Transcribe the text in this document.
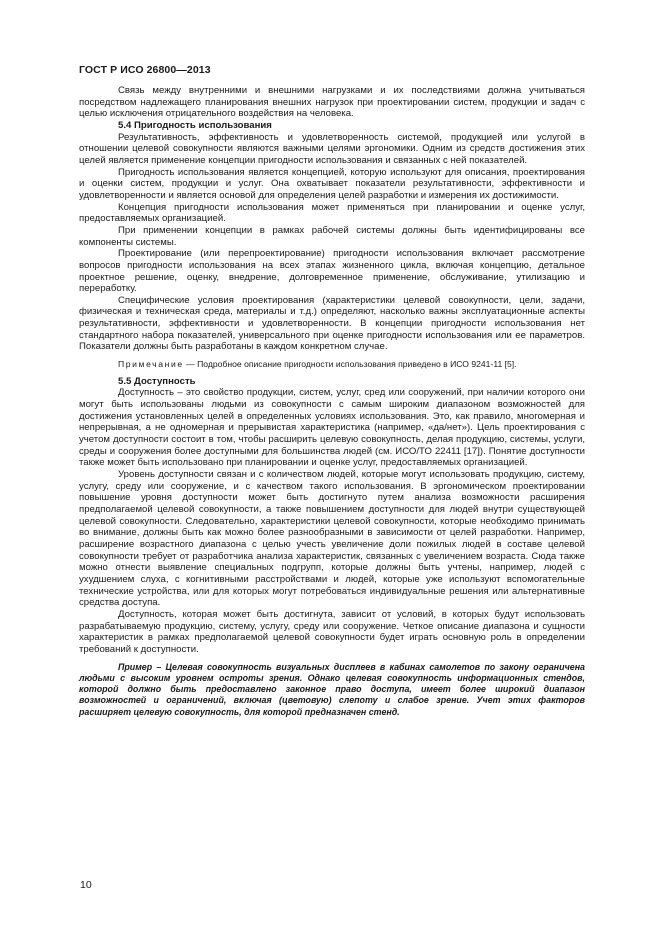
ГОСТ Р ИСО 26800—2013

Связь между внутренними и внешними нагрузками и их последствиями должна учитываться посредством надлежащего планирования внешних нагрузок при проектировании систем, продукции и задач с целью исключения отрицательного воздействия на человека.

5.4 Пригодность использования

Результативность, эффективность и удовлетворенность системой, продукцией или услугой в отношении целевой совокупности являются важными целями эргономики. Одним из средств достижения этих целей является применение концепции пригодности использования и связанных с ней показателей.

Пригодность использования является концепцией, которую используют для описания, проектирования и оценки систем, продукции и услуг. Она охватывает показатели результативности, эффективности и удовлетворенности и является основой для определения целей разработки и измерения их достижимости.

Концепция пригодности использования может применяться при планировании и оценке услуг, предоставляемых организацией.

При применении концепции в рамках рабочей системы должны быть идентифицированы все компоненты системы.

Проектирование (или перепроектирование) пригодности использования включает рассмотрение вопросов пригодности использования на всех этапах жизненного цикла, включая концепцию, детальное проектное решение, оценку, внедрение, долговременное применение, обслуживание, утилизацию и переработку.

Специфические условия проектирования (характеристики целевой совокупности, цели, задачи, физическая и техническая среда, материалы и т.д.) определяют, насколько важны эксплуатационные аспекты результативности, эффективности и удовлетворенности. В концепции пригодности использования нет стандартного набора показателей, универсального при оценке пригодности использования или ее параметров. Показатели должны быть разработаны в каждом конкретном случае.

Примечание — Подробное описание пригодности использования приведено в ИСО 9241-11 [5].

5.5 Доступность

Доступность – это свойство продукции, систем, услуг, сред или сооружений, при наличии которого они могут быть использованы людьми из совокупности с самым широким диапазоном возможностей для достижения установленных целей в определенных условиях использования. Это, как правило, многомерная и непрерывная, а не одномерная и прерывистая характеристика (например, «да/нет»). Цель проектирования с учетом доступности состоит в том, чтобы расширить целевую совокупность, делая продукцию, системы, услуги, среды и сооружения более доступными для большинства людей (см. ИСО/ТО 22411 [17]). Понятие доступности также может быть использовано при планировании и оценке услуг, предоставляемых организацией.

Уровень доступности связан и с количеством людей, которые могут использовать продукцию, систему, услугу, среду или сооружение, и с качеством такого использования. В эргономическом проектировании повышение уровня доступности может быть достигнуто путем анализа возможности расширения предполагаемой целевой совокупности, а также повышением доступности для людей внутри существующей целевой совокупности. Следовательно, характеристики целевой совокупности, которые необходимо принимать во внимание, должны быть как можно более разнообразными в зависимости от целей разработки. Например, расширение возрастного диапазона с целью учесть увеличение доли пожилых людей в составе целевой совокупности требует от разработчика анализа характеристик, связанных с увеличением возраста. Сюда также можно отнести выявление специальных подгрупп, которые должны быть учтены, например, людей с ухудшением слуха, с когнитивными расстройствами и людей, которые уже используют вспомогательные технические устройства, или для которых могут потребоваться индивидуальные решения или альтернативные средства доступа.

Доступность, которая может быть достигнута, зависит от условий, в которых будут использовать разрабатываемую продукцию, систему, услугу, среду или сооружение. Четкое описание диапазона и сущности характеристик в рамках предполагаемой целевой совокупности будет играть основную роль в определении требований к доступности.

Пример – Целевая совокупность визуальных дисплеев в кабинах самолетов по закону ограничена людьми с высоким уровнем остроты зрения. Однако целевая совокупность информационных стендов, которой должно быть предоставлено законное право доступа, имеет более широкий диапазон возможностей и ограничений, включая (цветовую) слепоту и слабое зрение. Учет этих факторов расширяет целевую совокупность, для которой предназначен стенд.

10
